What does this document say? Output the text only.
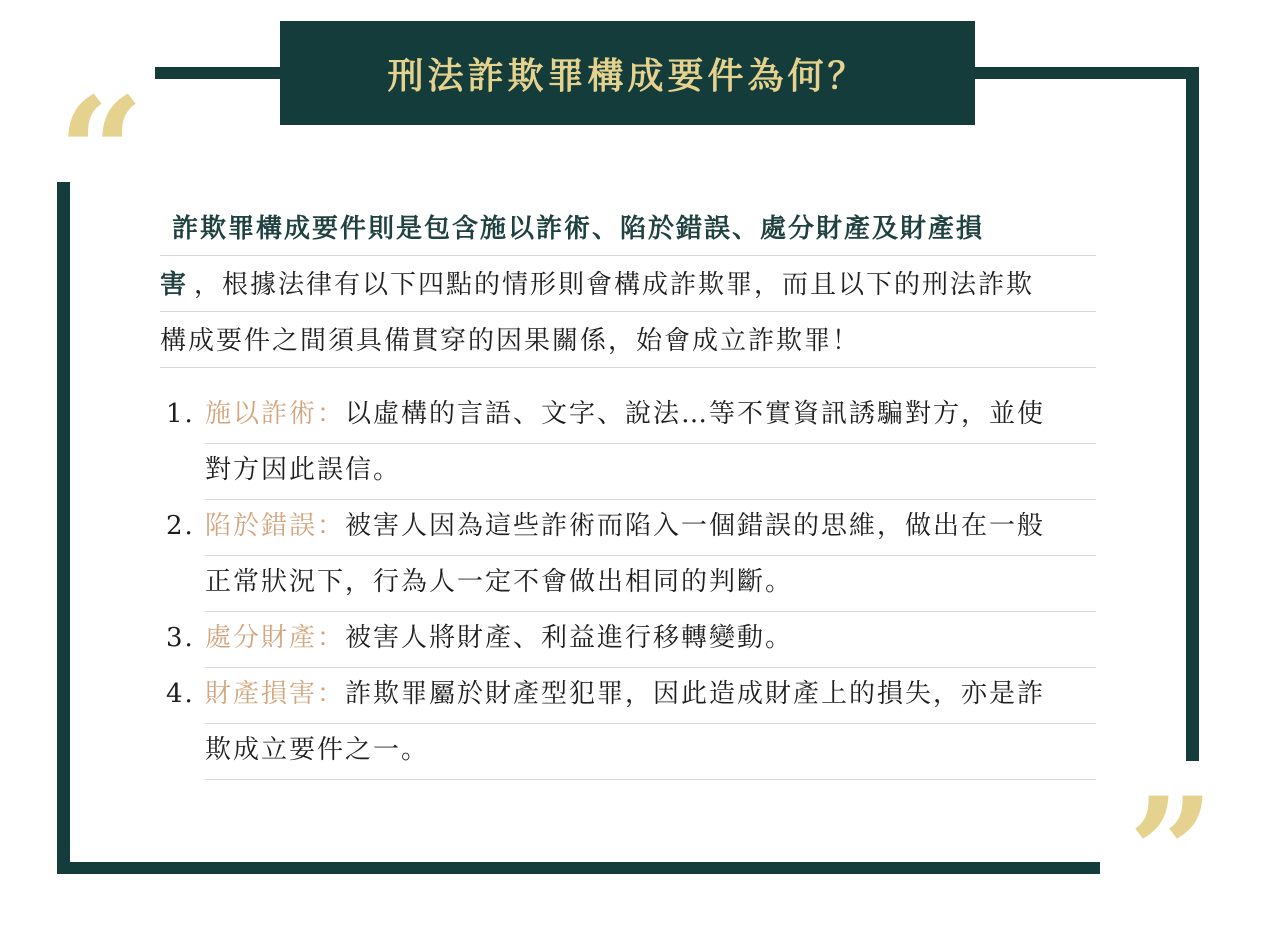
刑法詐欺罪構成要件為何？
“
”
詐欺罪構成要件則是包含施以詐術、陷於錯誤、處分財產及財產損
害 ，根據法律有以下四點的情形則會構成詐欺罪，而且以下的刑法詐欺
構成要件之間須具備貫穿的因果關係，始會成立詐欺罪！
1. 施以詐術：以虛構的言語、文字、說法…等不實資訊誘騙對方，並使
對方因此誤信。
2. 陷於錯誤：被害人因為這些詐術而陷入一個錯誤的思維，做出在一般
正常狀況下，行為人一定不會做出相同的判斷。
3. 處分財產：被害人將財產、利益進行移轉變動。
4. 財產損害：詐欺罪屬於財產型犯罪，因此造成財產上的損失，亦是詐
欺成立要件之一。
